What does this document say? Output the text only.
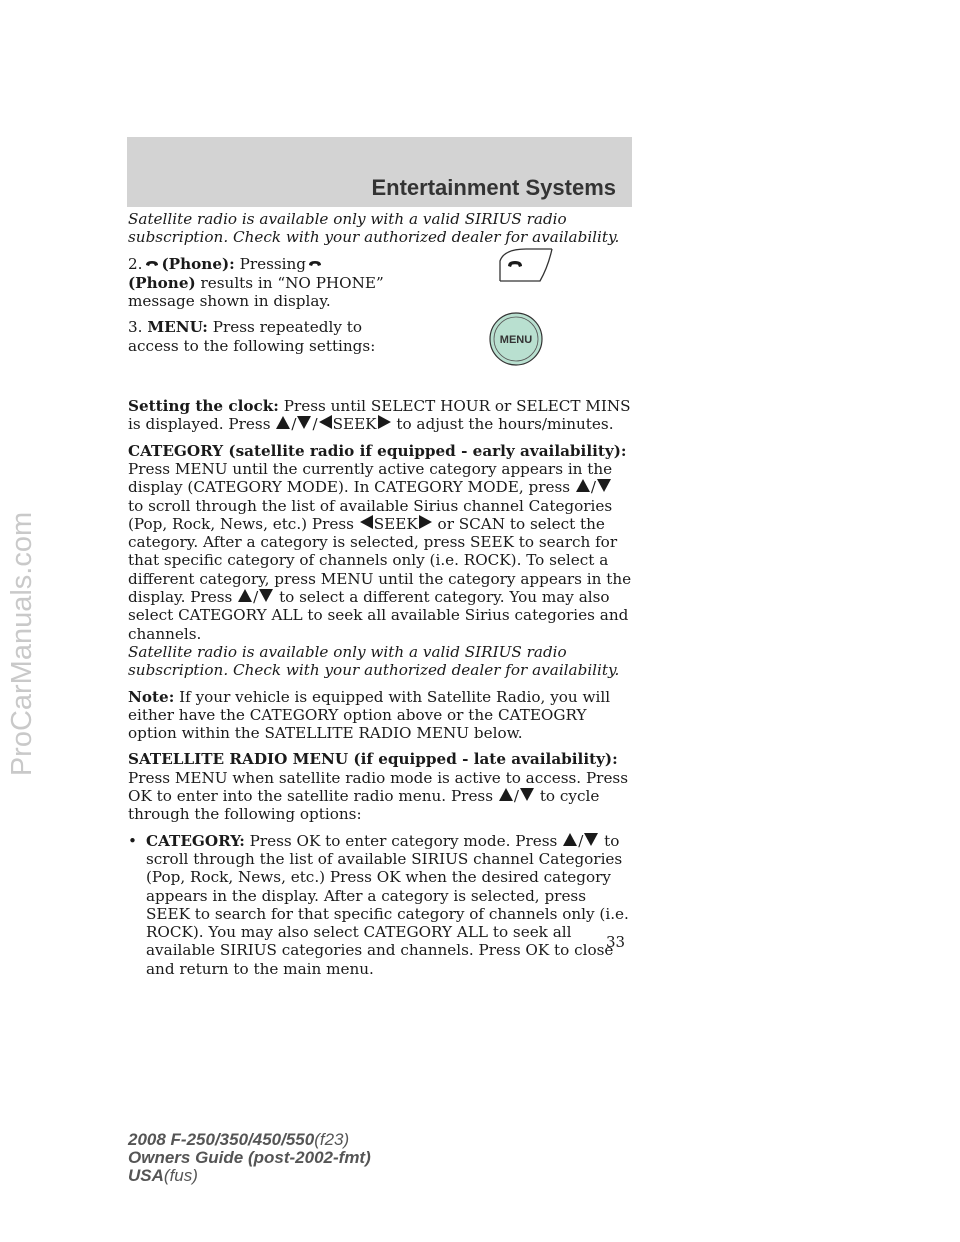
Entertainment Systems
ProCarManuals.com

Satellite radio is available only with a valid SIRIUS radio subscription. Check with your authorized dealer for availability.

2. (Phone): Pressing (Phone) results in “NO PHONE” message shown in display.

3. MENU: Press repeatedly to access to the following settings:	MENU

Setting the clock: Press until SELECT HOUR or SELECT MINS is displayed. Press / / SEEK to adjust the hours/minutes.

CATEGORY (satellite radio if equipped - early availability): Press MENU until the currently active category appears in the display (CATEGORY MODE). In CATEGORY MODE, press / to scroll through the list of available Sirius channel Categories (Pop, Rock, News, etc.) Press SEEK or SCAN to select the category. After a category is selected, press SEEK to search for that specific category of channels only (i.e. ROCK). To select a different category, press MENU until the category appears in the display. Press / to select a different category. You may also select CATEGORY ALL to seek all available Sirius categories and channels.

Satellite radio is available only with a valid SIRIUS radio subscription. Check with your authorized dealer for availability.

Note: If your vehicle is equipped with Satellite Radio, you will either have the CATEGORY option above or the CATEOGRY option within the SATELLITE RADIO MENU below.

SATELLITE RADIO MENU (if equipped - late availability): Press MENU when satellite radio mode is active to access. Press OK to enter into the satellite radio menu. Press / to cycle through the following options:

• CATEGORY: Press OK to enter category mode. Press / to scroll through the list of available SIRIUS channel Categories (Pop, Rock, News, etc.) Press OK when the desired category appears in the display. After a category is selected, press SEEK to search for that specific category of channels only (i.e. ROCK). You may also select CATEGORY ALL to seek all available SIRIUS categories and channels. Press OK to close and return to the main menu.

33
2008 F-250/350/450/550(f23)
Owners Guide (post-2002-fmt)
USA(fus)
